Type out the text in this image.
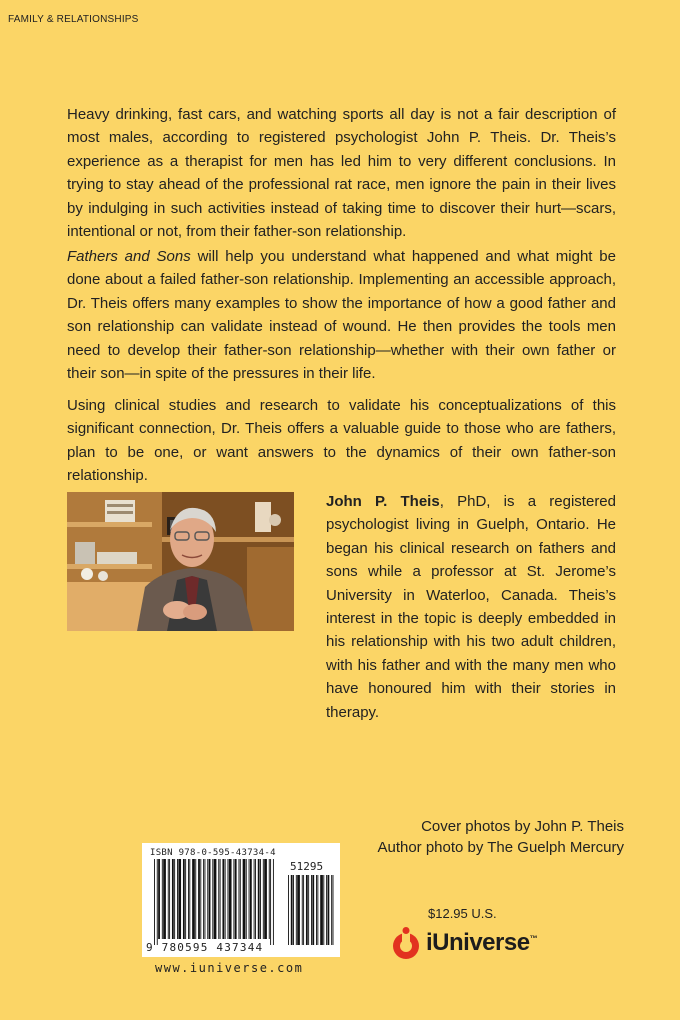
FAMILY & RELATIONSHIPS

Heavy drinking, fast cars, and watching sports all day is not a fair description of most males, according to registered psychologist John P. Theis. Dr. Theis’s experience as a therapist for men has led him to very different conclusions. In trying to stay ahead of the professional rat race, men ignore the pain in their lives by indulging in such activities instead of taking time to discover their hurt—scars, intentional or not, from their father-son relationship.

Fathers and Sons will help you understand what happened and what might be done about a failed father-son relationship. Implementing an accessible approach, Dr. Theis offers many examples to show the importance of how a good father and son relationship can validate instead of wound. He then provides the tools men need to develop their father-son relationship—whether with their own father or their son—in spite of the pressures in their life.

Using clinical studies and research to validate his conceptualizations of this significant connection, Dr. Theis offers a valuable guide to those who are fathers, plan to be one, or want answers to the dynamics of their own father-son relationship.

John P. Theis, PhD, is a registered psychologist living in Guelph, Ontario. He began his clinical research on fathers and sons while a professor at St. Jerome’s University in Waterloo, Canada. Theis’s interest in the topic is deeply embedded in his relationship with his two adult children, with his father and with the many men who have honoured him with their stories in therapy.

Cover photos by John P. Theis
Author photo by The Guelph Mercury
ISBN 978-0-595-43734-4
51295
9 780595 437344
www.iuniverse.com
$12.95 U.S.
iUniverse™
